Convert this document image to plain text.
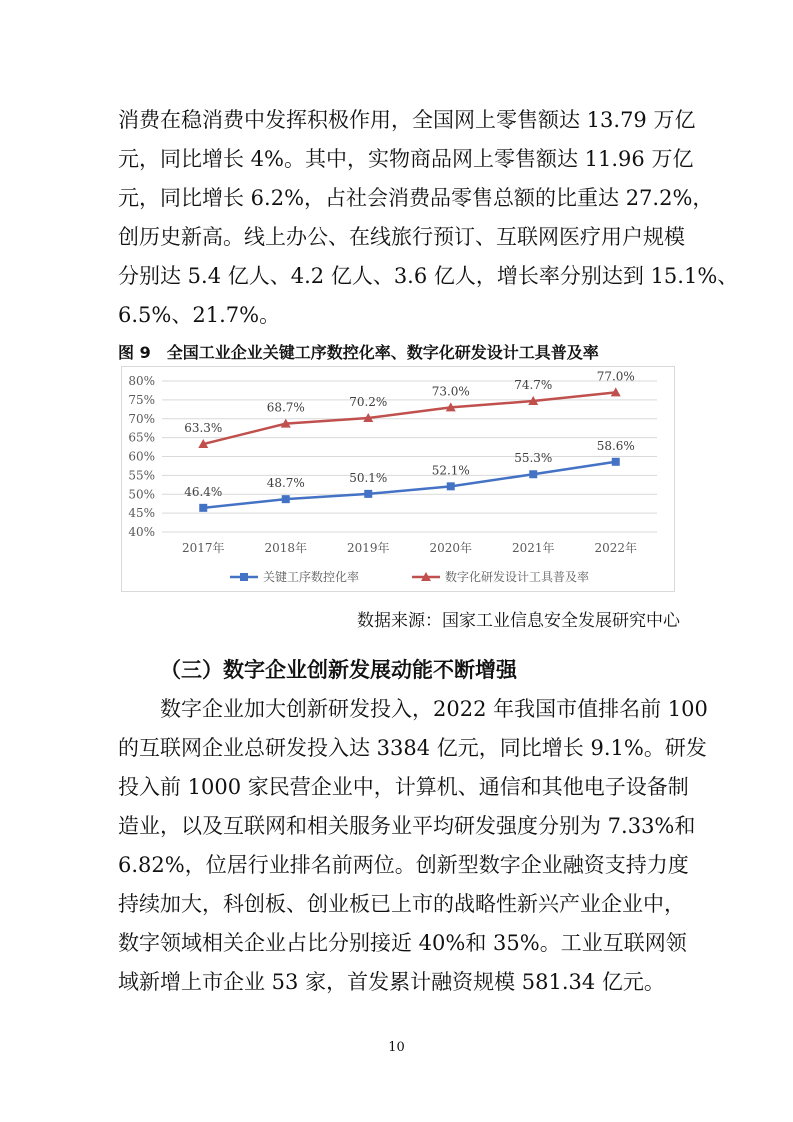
消费在稳消费中发挥积极作用，全国网上零售额达 13.79 万亿
元，同比增长 4%。其中，实物商品网上零售额达 11.96 万亿
元，同比增长 6.2%，占社会消费品零售总额的比重达 27.2%，
创历史新高。线上办公、在线旅行预订、互联网医疗用户规模
分别达 5.4 亿人、4.2 亿人、3.6 亿人，增长率分别达到 15.1%、
6.5%、21.7%。
图 9　全国工业企业关键工序数控化率、数字化研发设计工具普及率
40%
45%
50%
55%
60%
65%
70%
75%
80%
2017年	2018年	2019年	2020年	2021年	2022年
46.4%
48.7%	50.1%
52.1%
55.3%
58.6%
63.3%
68.7%	70.2%
73.0%	74.7%
77.0%
关键工序数控化率	数字化研发设计工具普及率
数据来源：国家工业信息安全发展研究中心
（三）数字企业创新发展动能不断增强
数字企业加大创新研发投入，2022 年我国市值排名前 100
的互联网企业总研发投入达 3384 亿元，同比增长 9.1%。研发
投入前 1000 家民营企业中，计算机、通信和其他电子设备制
造业，以及互联网和相关服务业平均研发强度分别为 7.33%和
6.82%，位居行业排名前两位。创新型数字企业融资支持力度
持续加大，科创板、创业板已上市的战略性新兴产业企业中，
数字领域相关企业占比分别接近 40%和 35%。工业互联网领
域新增上市企业 53 家，首发累计融资规模 581.34 亿元。
10
